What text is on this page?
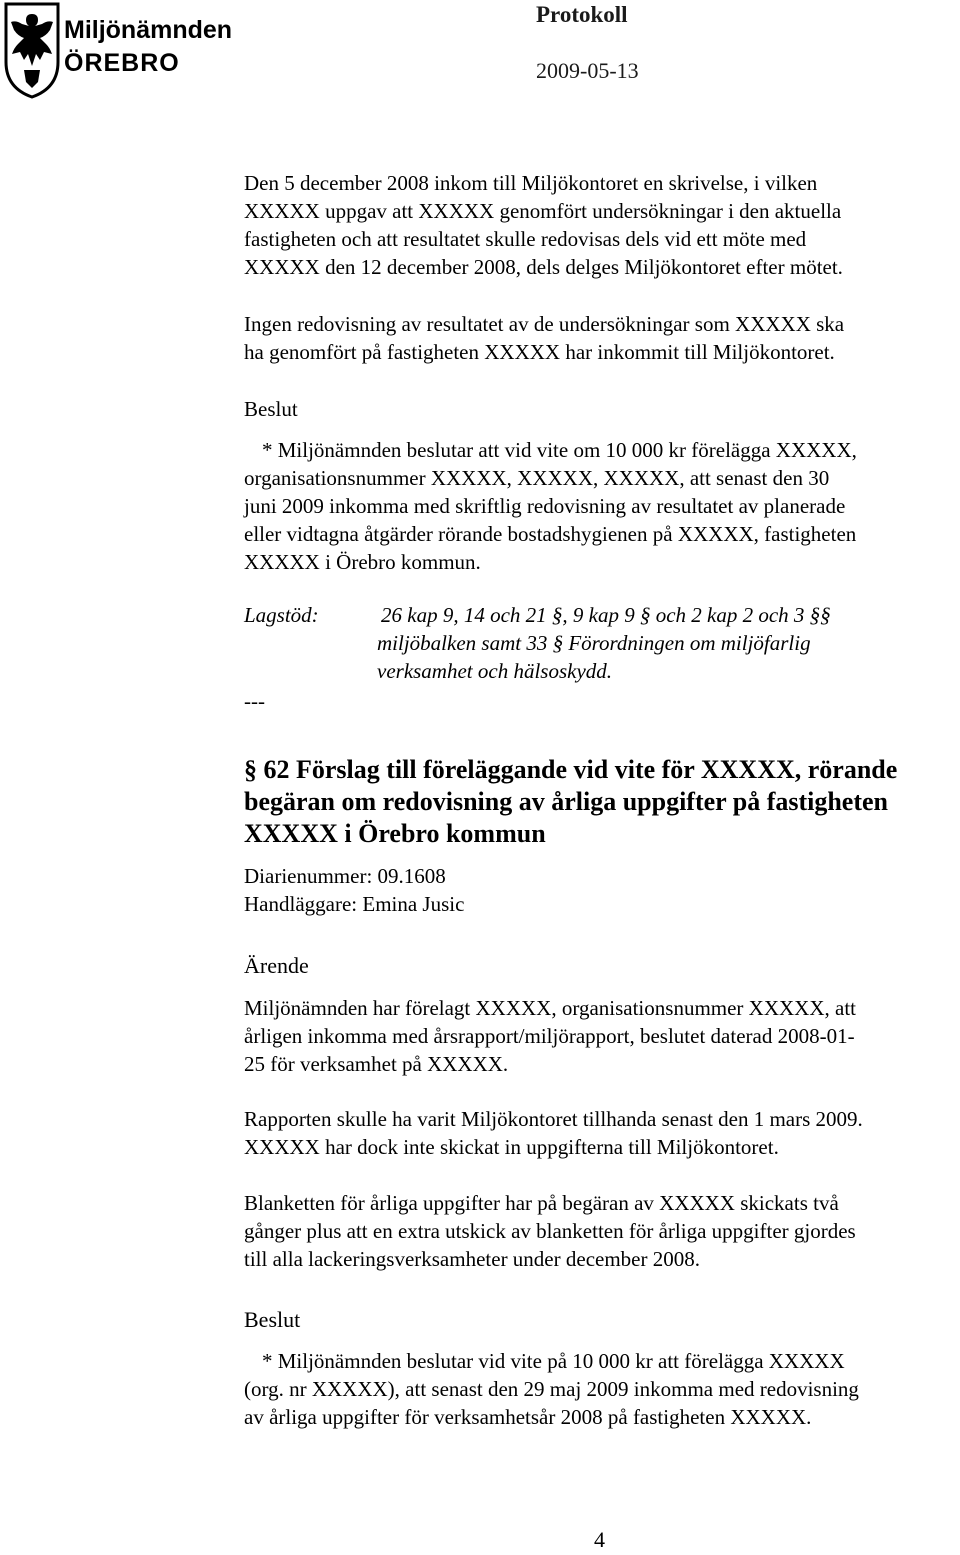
Miljönämnden
ÖREBRO
Protokoll
2009-05-13
Den 5 december 2008 inkom till Miljökontoret en skrivelse, i vilken
XXXXX uppgav att XXXXX genomfört undersökningar i den aktuella
fastigheten och att resultatet skulle redovisas dels vid ett möte med
XXXXX den 12 december 2008, dels delges Miljökontoret efter mötet.
Ingen redovisning av resultatet av de undersökningar som XXXXX ska
ha genomfört på fastigheten XXXXX har inkommit till Miljökontoret.
Beslut
* Miljönämnden beslutar att vid vite om 10 000 kr förelägga XXXXX,
organisationsnummer XXXXX, XXXXX, XXXXX, att senast den 30
juni 2009 inkomma med skriftlig redovisning av resultatet av planerade
eller vidtagna åtgärder rörande bostadshygienen på XXXXX, fastigheten
XXXXX i Örebro kommun.
Lagstöd:	26 kap 9, 14 och 21 §, 9 kap 9 § och 2 kap 2 och 3 §§
miljöbalken samt 33 § Förordningen om miljöfarlig
verksamhet och hälsoskydd.
---
§ 62 Förslag till föreläggande vid vite för XXXXX, rörande
begäran om redovisning av årliga uppgifter på fastigheten
XXXXX i Örebro kommun
Diarienummer: 09.1608
Handläggare: Emina Jusic
Ärende
Miljönämnden har förelagt XXXXX, organisationsnummer XXXXX, att
årligen inkomma med årsrapport/miljörapport, beslutet daterad 2008-01-
25 för verksamhet på XXXXX.
Rapporten skulle ha varit Miljökontoret tillhanda senast den 1 mars 2009.
XXXXX har dock inte skickat in uppgifterna till Miljökontoret.
Blanketten för årliga uppgifter har på begäran av XXXXX skickats två
gånger plus att en extra utskick av blanketten för årliga uppgifter gjordes
till alla lackeringsverksamheter under december 2008.
Beslut
* Miljönämnden beslutar vid vite på 10 000 kr att förelägga XXXXX
(org. nr XXXXX), att senast den 29 maj 2009 inkomma med redovisning
av årliga uppgifter för verksamhetsår 2008 på fastigheten XXXXX.
4
